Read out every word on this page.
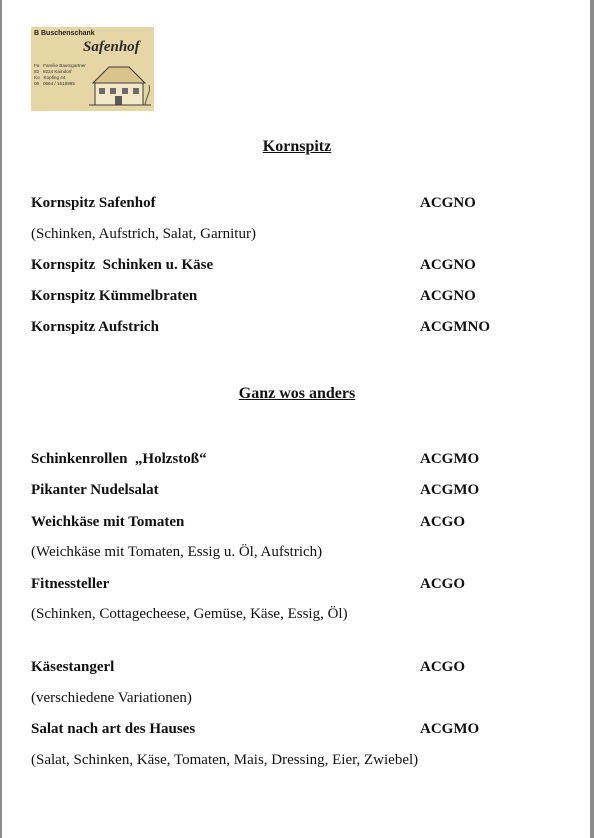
B Buschenschank
Safenhof
Fa   Familie Baumgartner
82   8224 Kaindorf
Ko   Kopfing 44
06   0664 / 1618985
Kornspitz
Kornspitz Safenhof	ACGNO
(Schinken, Aufstrich, Salat, Garnitur)
Kornspitz  Schinken u. Käse	ACGNO
Kornspitz Kümmelbraten	ACGNO
Kornspitz Aufstrich	ACGMNO
Ganz wos anders
Schinkenrollen  „Holzstoß“	ACGMO
Pikanter Nudelsalat	ACGMO
Weichkäse mit Tomaten	ACGO
(Weichkäse mit Tomaten, Essig u. Öl, Aufstrich)
Fitnessteller	ACGO
(Schinken, Cottagecheese, Gemüse, Käse, Essig, Öl)
Käsestangerl	ACGO
(verschiedene Variationen)
Salat nach art des Hauses	ACGMO
(Salat, Schinken, Käse, Tomaten, Mais, Dressing, Eier, Zwiebel)
